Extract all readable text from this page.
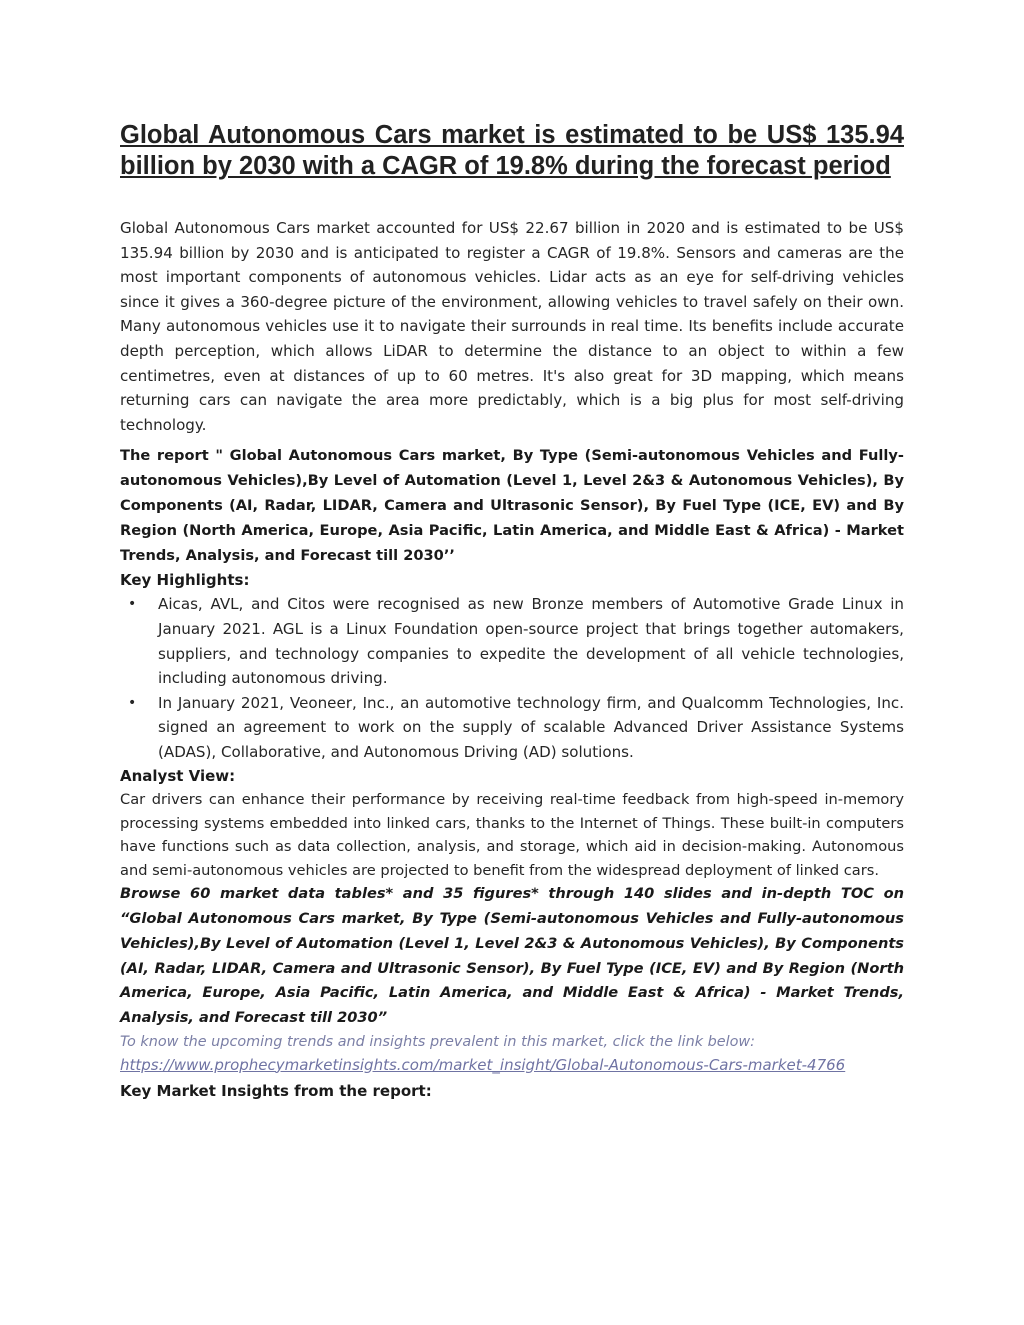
Global Autonomous Cars market is estimated to be US$ 135.94 billion by 2030 with a CAGR of 19.8% during the forecast period

Global Autonomous Cars market accounted for US$ 22.67 billion in 2020 and is estimated to be US$ 135.94 billion by 2030 and is anticipated to register a CAGR of 19.8%. Sensors and cameras are the most important components of autonomous vehicles. Lidar acts as an eye for self-driving vehicles since it gives a 360-degree picture of the environment, allowing vehicles to travel safely on their own. Many autonomous vehicles use it to navigate their surrounds in real time. Its benefits include accurate depth perception, which allows LiDAR to determine the distance to an object to within a few centimetres, even at distances of up to 60 metres. It's also great for 3D mapping, which means returning cars can navigate the area more predictably, which is a big plus for most self-driving technology.

The report " Global Autonomous Cars market, By Type (Semi-autonomous Vehicles and Fully-autonomous Vehicles),By Level of Automation (Level 1, Level 2&3 & Autonomous Vehicles), By Components (AI, Radar, LIDAR, Camera and Ultrasonic Sensor), By Fuel Type (ICE, EV) and By Region (North America, Europe, Asia Pacific, Latin America, and Middle East & Africa) - Market Trends, Analysis, and Forecast till 2030’’

Key Highlights:
• Aicas, AVL, and Citos were recognised as new Bronze members of Automotive Grade Linux in January 2021. AGL is a Linux Foundation open-source project that brings together automakers, suppliers, and technology companies to expedite the development of all vehicle technologies, including autonomous driving.
• In January 2021, Veoneer, Inc., an automotive technology firm, and Qualcomm Technologies, Inc. signed an agreement to work on the supply of scalable Advanced Driver Assistance Systems (ADAS), Collaborative, and Autonomous Driving (AD) solutions.
Analyst View:

Car drivers can enhance their performance by receiving real-time feedback from high-speed in-memory processing systems embedded into linked cars, thanks to the Internet of Things. These built-in computers have functions such as data collection, analysis, and storage, which aid in decision-making. Autonomous and semi-autonomous vehicles are projected to benefit from the widespread deployment of linked cars.

Browse 60 market data tables* and 35 figures* through 140 slides and in-depth TOC on “Global Autonomous Cars market, By Type (Semi-autonomous Vehicles and Fully-autonomous Vehicles),By Level of Automation (Level 1, Level 2&3 & Autonomous Vehicles), By Components (AI, Radar, LIDAR, Camera and Ultrasonic Sensor), By Fuel Type (ICE, EV) and By Region (North America, Europe, Asia Pacific, Latin America, and Middle East & Africa) - Market Trends, Analysis, and Forecast till 2030”

To know the upcoming trends and insights prevalent in this market, click the link below:

https://www.prophecymarketinsights.com/market_insight/Global-Autonomous-Cars-market-4766
Key Market Insights from the report:
